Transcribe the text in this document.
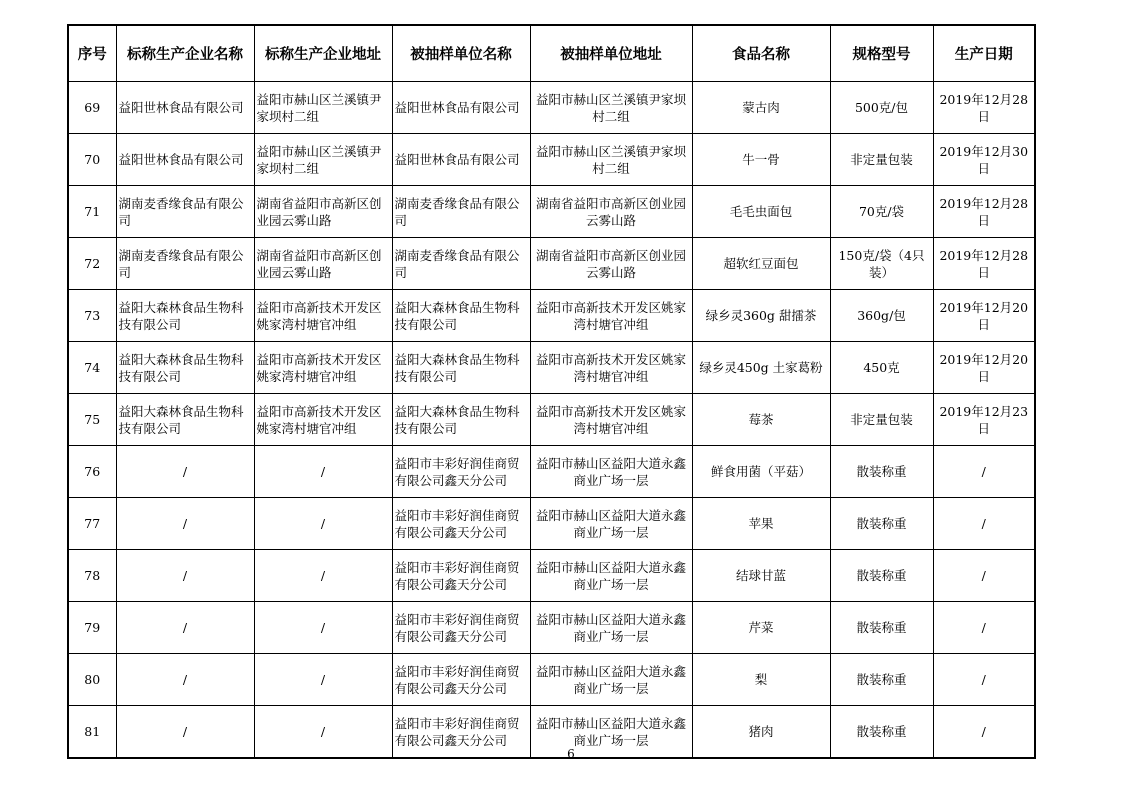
序号	标称生产企业名称	标称生产企业地址	被抽样单位名称	被抽样单位地址	食品名称	规格型号	生产日期
69	益阳世林食品有限公司	益阳市赫山区兰溪镇尹家坝村二组	益阳世林食品有限公司	益阳市赫山区兰溪镇尹家坝村二组	蒙古肉	500克/包	2019年12月28日
70	益阳世林食品有限公司	益阳市赫山区兰溪镇尹家坝村二组	益阳世林食品有限公司	益阳市赫山区兰溪镇尹家坝村二组	牛一骨	非定量包装	2019年12月30日
71	湖南麦香缘食品有限公司	湖南省益阳市高新区创业园云雾山路	湖南麦香缘食品有限公司	湖南省益阳市高新区创业园云雾山路	毛毛虫面包	70克/袋	2019年12月28日
72	湖南麦香缘食品有限公司	湖南省益阳市高新区创业园云雾山路	湖南麦香缘食品有限公司	湖南省益阳市高新区创业园云雾山路	超软红豆面包	150克/袋（4只装）	2019年12月28日
73	益阳大森林食品生物科技有限公司	益阳市高新技术开发区姚家湾村塘官冲组	益阳大森林食品生物科技有限公司	益阳市高新技术开发区姚家湾村塘官冲组	绿乡灵360g 甜擂茶	360g/包	2019年12月20日
74	益阳大森林食品生物科技有限公司	益阳市高新技术开发区姚家湾村塘官冲组	益阳大森林食品生物科技有限公司	益阳市高新技术开发区姚家湾村塘官冲组	绿乡灵450g 土家葛粉	450克	2019年12月20日
75	益阳大森林食品生物科技有限公司	益阳市高新技术开发区姚家湾村塘官冲组	益阳大森林食品生物科技有限公司	益阳市高新技术开发区姚家湾村塘官冲组	莓茶	非定量包装	2019年12月23日
76	/	/	益阳市丰彩好润佳商贸有限公司鑫天分公司	益阳市赫山区益阳大道永鑫商业广场一层	鲜食用菌（平菇）	散装称重	/
77	/	/	益阳市丰彩好润佳商贸有限公司鑫天分公司	益阳市赫山区益阳大道永鑫商业广场一层	苹果	散装称重	/
78	/	/	益阳市丰彩好润佳商贸有限公司鑫天分公司	益阳市赫山区益阳大道永鑫商业广场一层	结球甘蓝	散装称重	/
79	/	/	益阳市丰彩好润佳商贸有限公司鑫天分公司	益阳市赫山区益阳大道永鑫商业广场一层	芹菜	散装称重	/
80	/	/	益阳市丰彩好润佳商贸有限公司鑫天分公司	益阳市赫山区益阳大道永鑫商业广场一层	梨	散装称重	/
81	/	/	益阳市丰彩好润佳商贸有限公司鑫天分公司	益阳市赫山区益阳大道永鑫商业广场一层	猪肉	散装称重	/
6
